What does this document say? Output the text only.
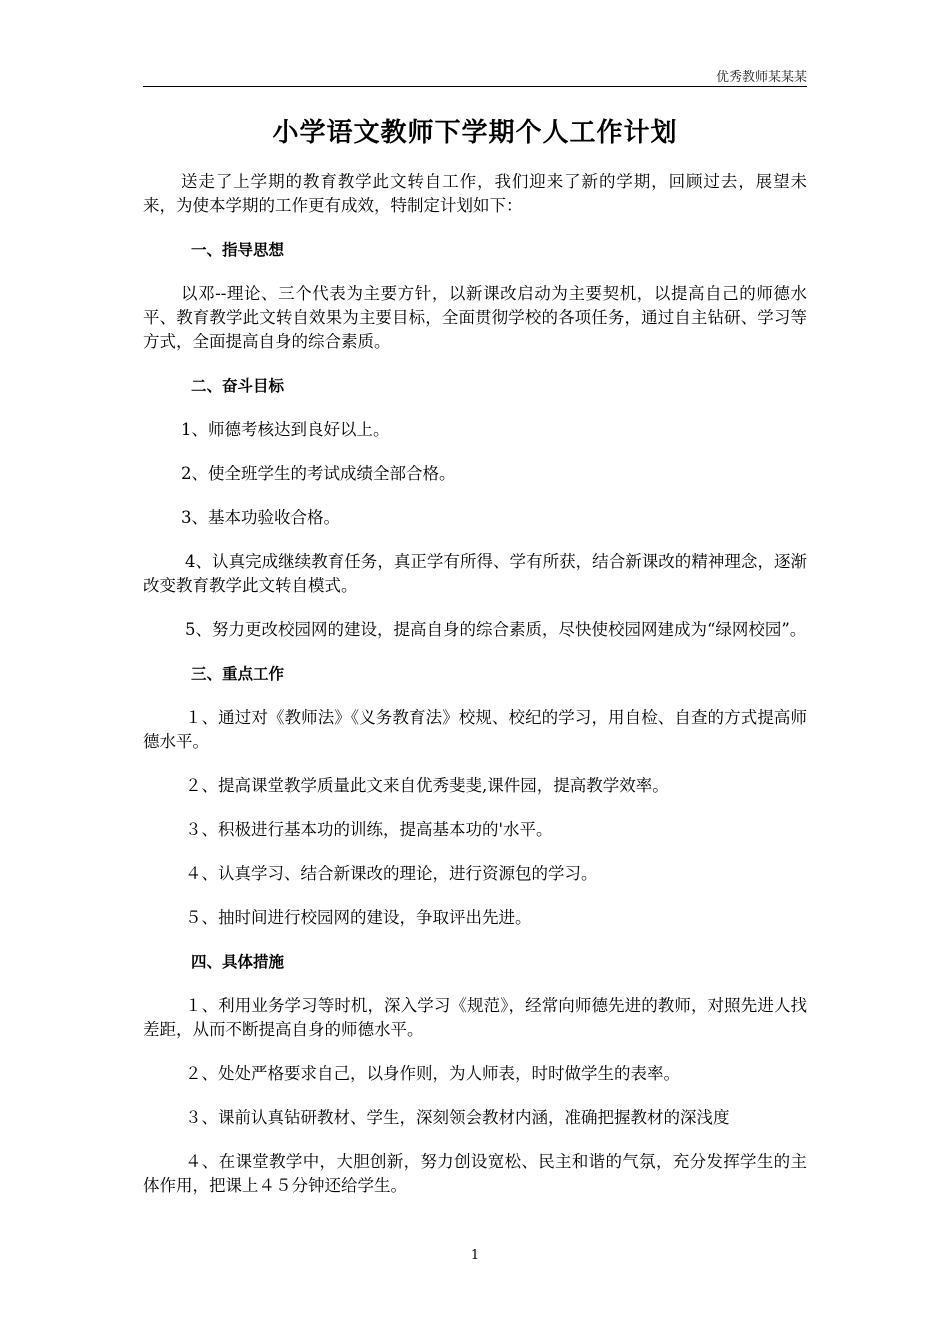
优秀教师某某某
小学语文教师下学期个人工作计划

送走了上学期的教育教学此文转自工作，我们迎来了新的学期，回顾过去，展望未来，为使本学期的工作更有成效，特制定计划如下：

一、指导思想

以邓--理论、三个代表为主要方针，以新课改启动为主要契机，以提高自己的师德水平、教育教学此文转自效果为主要目标，全面贯彻学校的各项任务，通过自主钻研、学习等方式，全面提高自身的综合素质。

二、奋斗目标

1、师德考核达到良好以上。

2、使全班学生的考试成绩全部合格。

3、基本功验收合格。

4、认真完成继续教育任务，真正学有所得、学有所获，结合新课改的精神理念，逐渐改变教育教学此文转自模式。

5、努力更改校园网的建设，提高自身的综合素质，尽快使校园网建成为“绿网校园”。

三、重点工作

１、通过对《教师法》《义务教育法》校规、校纪的学习，用自检、自查的方式提高师德水平。

２、提高课堂教学质量此文来自优秀斐斐,课件园，提高教学效率。

３、积极进行基本功的训练，提高基本功的'水平。

４、认真学习、结合新课改的理论，进行资源包的学习。

５、抽时间进行校园网的建设，争取评出先进。

四、具体措施

１、利用业务学习等时机，深入学习《规范》，经常向师德先进的教师，对照先进人找差距，从而不断提高自身的师德水平。

２、处处严格要求自己，以身作则，为人师表，时时做学生的表率。

３、课前认真钻研教材、学生，深刻领会教材内涵，准确把握教材的深浅度

４、在课堂教学中，大胆创新，努力创设宽松、民主和谐的气氛，充分发挥学生的主体作用，把课上４５分钟还给学生。

1
